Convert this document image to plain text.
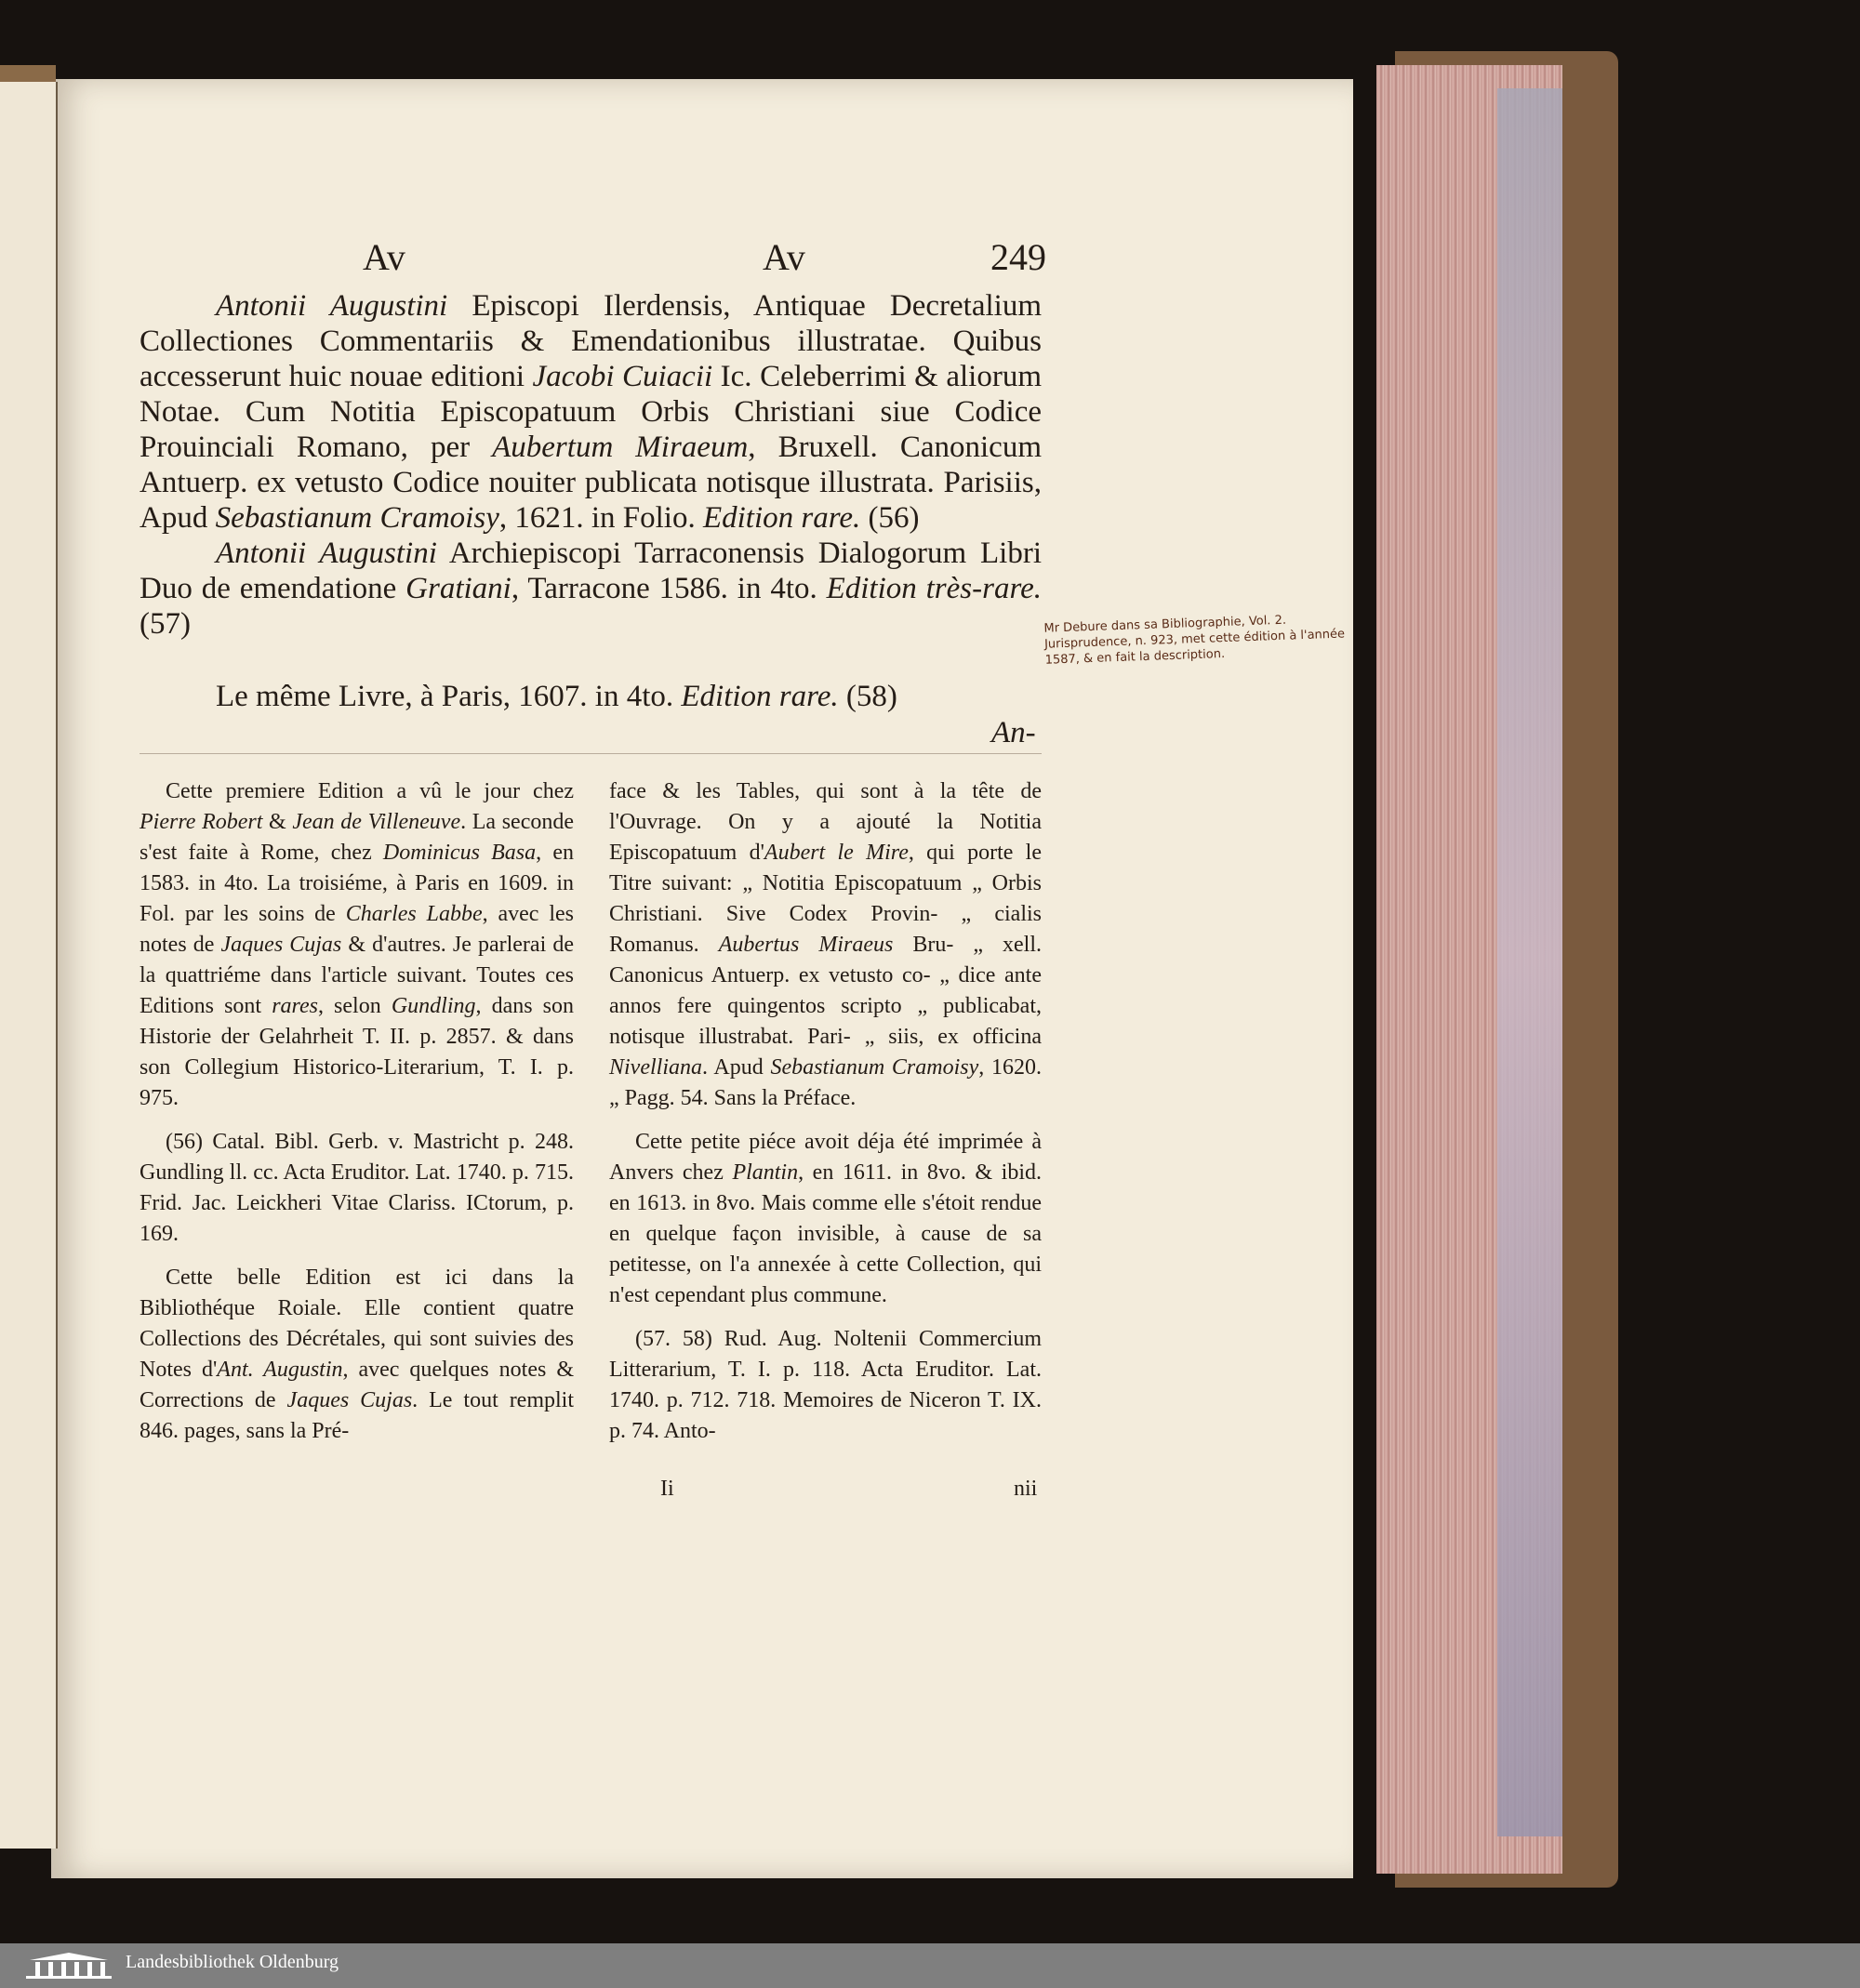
Av	Av	249

Antonii Augustini Episcopi Ilerdensis, Antiquae Decretalium Collectiones Commentariis & Emendationibus illustratae. Quibus accesserunt huic nouae editioni Jacobi Cuiacii Ic. Celeberrimi & aliorum Notae. Cum Notitia Episcopatuum Orbis Christiani siue Codice Prouinciali Romano, per Aubertum Miraeum, Bruxell. Canonicum Antuerp. ex vetusto Codice nouiter publicata notisque illustrata. Parisiis, Apud Sebastianum Cramoisy, 1621. in Folio. Edition rare. (56)

Antonii Augustini Archiepiscopi Tarraconensis Dialogorum Libri Duo de emendatione Gratiani, Tarracone 1586. in 4to. Edition très-rare. (57)

Le même Livre, à Paris, 1607. in 4to. Edition rare. (58)
An-

Cette premiere Edition a vû le jour chez Pierre Robert & Jean de Villeneuve. La seconde s'est faite à Rome, chez Dominicus Basa, en 1583. in 4to. La troisiéme, à Paris en 1609. in Fol. par les soins de Charles Labbe, avec les notes de Jaques Cujas & d'autres. Je parlerai de la quattriéme dans l'article suivant. Toutes ces Editions sont rares, selon Gundling, dans son Historie der Gelahrheit T. II. p. 2857. & dans son Collegium Historico-Literarium, T. I. p. 975.

(56) Catal. Bibl. Gerb. v. Mastricht p. 248. Gundling ll. cc. Acta Eruditor. Lat. 1740. p. 715. Frid. Jac. Leickheri Vitae Clariss. ICtorum, p. 169.

Cette belle Edition est ici dans la Bibliothéque Roiale. Elle contient quatre Collections des Décrétales, qui sont suivies des Notes d'Ant. Augustin, avec quelques notes & Corrections de Jaques Cujas. Le tout remplit 846. pages, sans la Pré-

face & les Tables, qui sont à la tête de l'Ouvrage. On y a ajouté la Notitia Episcopatuum d'Aubert le Mire, qui porte le Titre suivant: „ Notitia Episcopatuum „ Orbis Christiani. Sive Codex Provin- „ cialis Romanus. Aubertus Miraeus Bru- „ xell. Canonicus Antuerp. ex vetusto co- „ dice ante annos fere quingentos scripto „ publicabat, notisque illustrabat. Pari- „ siis, ex officina Nivelliana. Apud Sebastianum Cramoisy, 1620. „ Pagg. 54. Sans la Préface.

Cette petite piéce avoit déja été imprimée à Anvers chez Plantin, en 1611. in 8vo. & ibid. en 1613. in 8vo. Mais comme elle s'étoit rendue en quelque façon invisible, à cause de sa petitesse, on l'a annexée à cette Collection, qui n'est cependant plus commune.

(57. 58) Rud. Aug. Noltenii Commercium Litterarium, T. I. p. 118. Acta Eruditor. Lat. 1740. p. 712. 718. Memoires de Niceron T. IX. p. 74. Anto-

Ii	nii
Mr Debure dans sa Bibliographie, Vol. 2. Jurisprudence, n. 923, met cette édition à l'année 1587, & en fait la description.
Landesbibliothek Oldenburg
